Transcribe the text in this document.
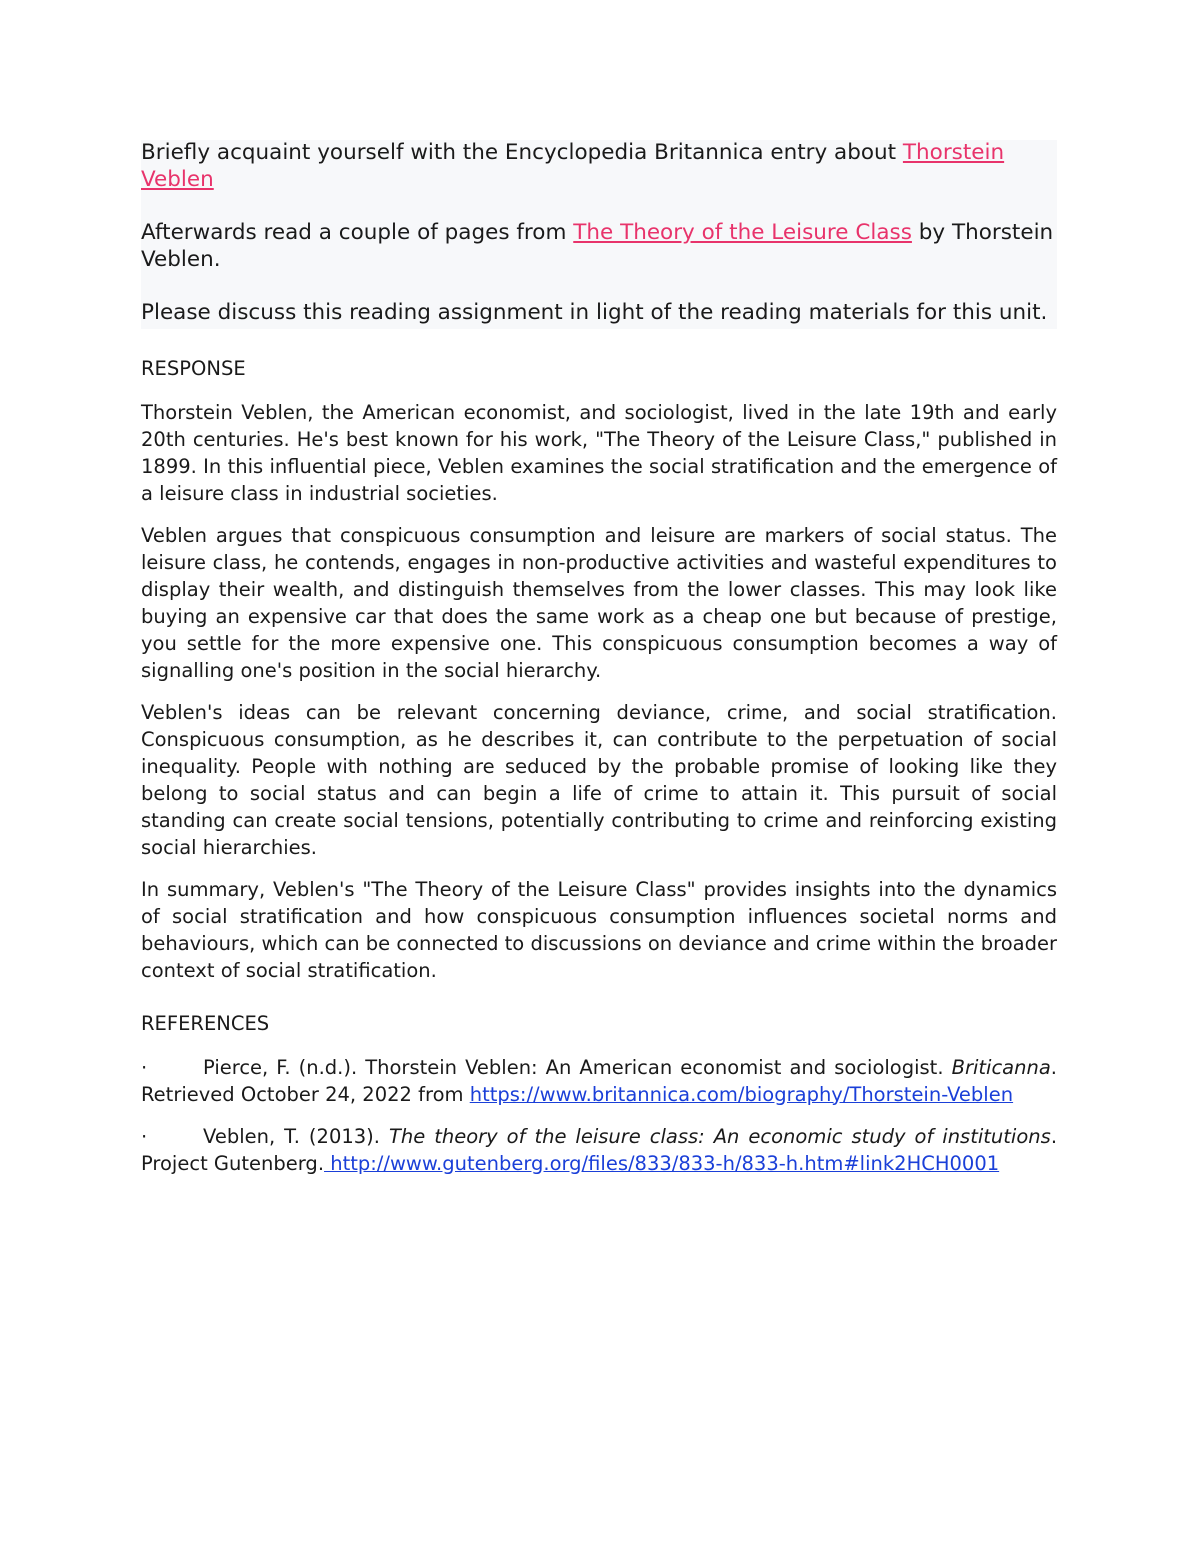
Briefly acquaint yourself with the Encyclopedia Britannica entry about Thorstein Veblen

Afterwards read a couple of pages from The Theory of the Leisure Class by Thorstein Veblen.

Please discuss this reading assignment in light of the reading materials for this unit.

RESPONSE

Thorstein Veblen, the American economist, and sociologist, lived in the late 19th and early 20th centuries. He's best known for his work, "The Theory of the Leisure Class," published in 1899. In this influential piece, Veblen examines the social stratification and the emergence of a leisure class in industrial societies.

Veblen argues that conspicuous consumption and leisure are markers of social status. The leisure class, he contends, engages in non-productive activities and wasteful expenditures to display their wealth, and distinguish themselves from the lower classes. This may look like buying an expensive car that does the same work as a cheap one but because of prestige, you settle for the more expensive one. This conspicuous consumption becomes a way of signalling one's position in the social hierarchy.

Veblen's ideas can be relevant concerning deviance, crime, and social stratification. Conspicuous consumption, as he describes it, can contribute to the perpetuation of social inequality. People with nothing are seduced by the probable promise of looking like they belong to social status and can begin a life of crime to attain it. This pursuit of social standing can create social tensions, potentially contributing to crime and reinforcing existing social hierarchies.

In summary, Veblen's "The Theory of the Leisure Class" provides insights into the dynamics of social stratification and how conspicuous consumption influences societal norms and behaviours, which can be connected to discussions on deviance and crime within the broader context of social stratification.

REFERENCES

·	Pierce, F. (n.d.). Thorstein Veblen: An American economist and sociologist. Briticanna. Retrieved October 24, 2022 from https://www.britannica.com/biography/Thorstein-Veblen

·	Veblen, T. (2013). The theory of the leisure class: An economic study of institutions. Project Gutenberg. http://www.gutenberg.org/files/833/833-h/833-h.htm#link2HCH0001
